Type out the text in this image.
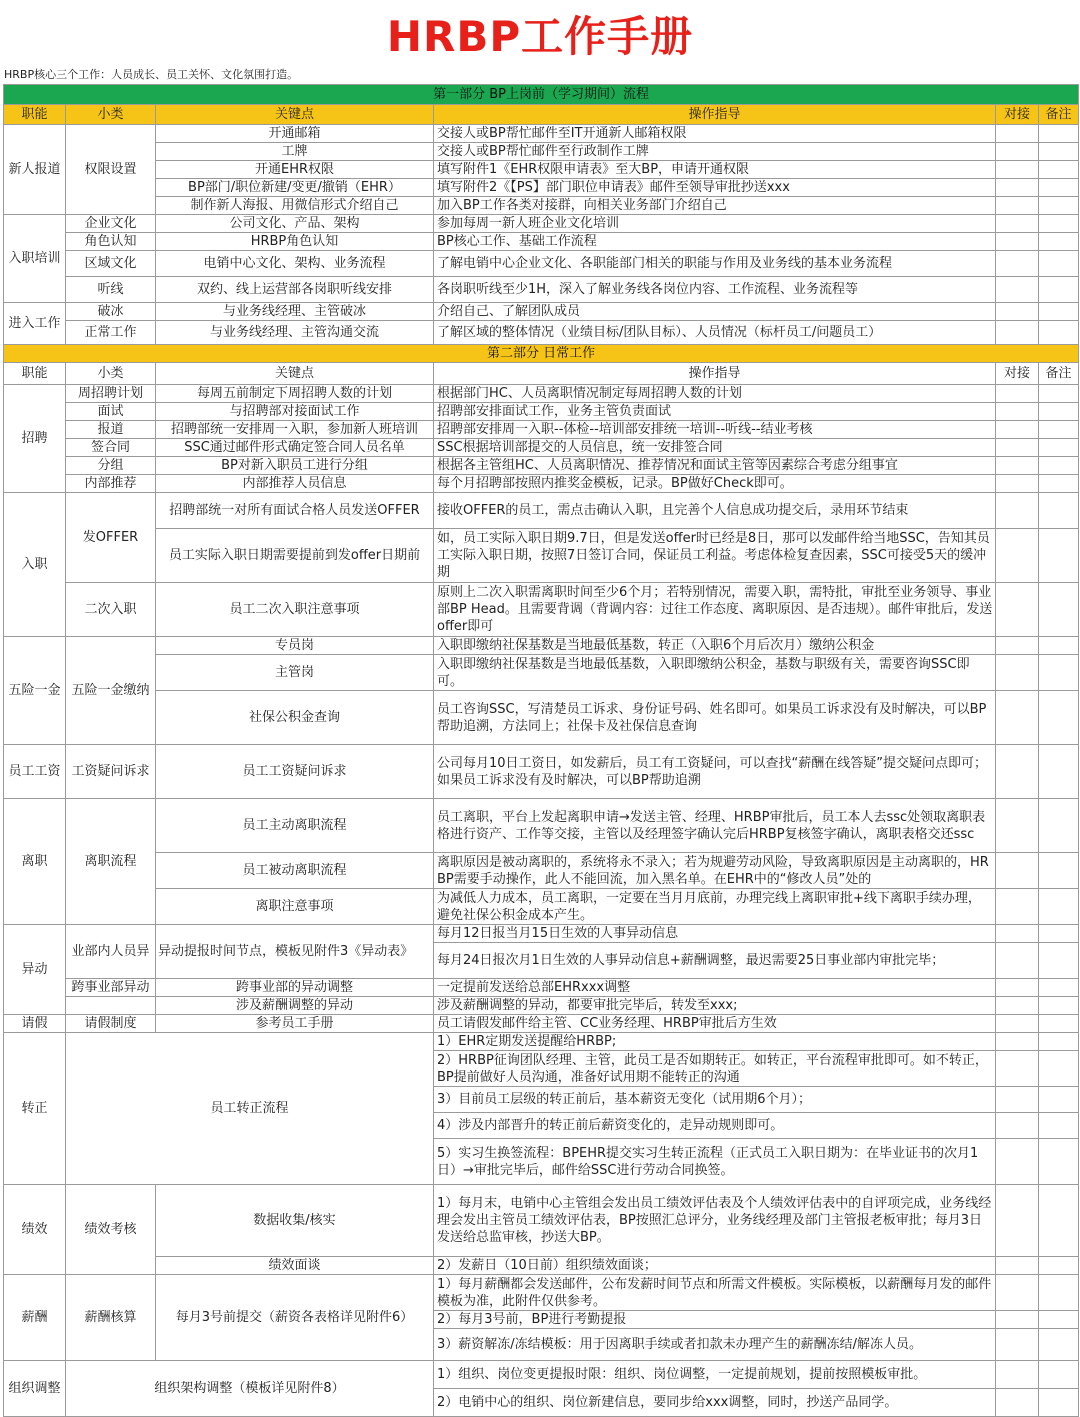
HRBP工作手册
HRBP核心三个工作：人员成长、员工关怀、文化氛围打造。
第一部分 BP上岗前（学习期间）流程					
职能	小类	关键点	操作指导	对接	备注
新人报道	权限设置	开通邮箱	交接人或BP帮忙邮件至IT开通新人邮箱权限		
		工牌	交接人或BP帮忙邮件至行政制作工牌		
		开通EHR权限	填写附件1《EHR权限申请表》至大BP，申请开通权限		
		BP部门/职位新建/变更/撤销（EHR）	填写附件2《【PS】部门职位申请表》邮件至领导审批抄送xxx		
		制作新人海报、用微信形式介绍自己	加入BP工作各类对接群，向相关业务部门介绍自己		
入职培训	企业文化	公司文化、产品、架构	参加每周一新人班企业文化培训		
	角色认知	HRBP角色认知	BP核心工作、基础工作流程		
	区域文化	电销中心文化、架构、业务流程	了解电销中心企业文化、各职能部门相关的职能与作用及业务线的基本业务流程		
	听线	双约、线上运营部各岗职听线安排	各岗职听线至少1H，深入了解业务线各岗位内容、工作流程、业务流程等		
进入工作	破冰	与业务线经理、主管破冰	介绍自己、了解团队成员		
	正常工作	与业务线经理、主管沟通交流	了解区域的整体情况（业绩目标/团队目标）、人员情况（标杆员工/问题员工）		
第二部分 日常工作					
职能	小类	关键点	操作指导	对接	备注
招聘	周招聘计划	每周五前制定下周招聘人数的计划	根据部门HC、人员离职情况制定每周招聘人数的计划		
	面试	与招聘部对接面试工作	招聘部安排面试工作，业务主管负责面试		
	报道	招聘部统一安排周一入职，参加新人班培训	招聘部安排周一入职--体检--培训部安排统一培训--听线--结业考核		
	签合同	SSC通过邮件形式确定签合同人员名单	SSC根据培训部提交的人员信息，统一安排签合同		
	分组	BP对新入职员工进行分组	根据各主管组HC、人员离职情况、推荐情况和面试主管等因素综合考虑分组事宜		
	内部推荐	内部推荐人员信息	每个月招聘部按照内推奖金模板，记录。BP做好Check即可。		
入职	发OFFER	招聘部统一对所有面试合格人员发送OFFER	接收OFFER的员工，需点击确认入职，且完善个人信息成功提交后，录用环节结束		
		员工实际入职日期需要提前到发offer日期前	如，员工实际入职日期9.7日，但是发送offer时已经是8日，那可以发邮件给当地SSC，告知其员工实际入职日期，按照7日签订合同，保证员工利益。考虑体检复查因素，SSC可接受5天的缓冲期		
	二次入职	员工二次入职注意事项	原则上二次入职需离职时间至少6个月；若特别情况，需要入职，需特批，审批至业务领导、事业部BP Head。且需要背调（背调内容：过往工作态度、离职原因、是否违规）。邮件审批后，发送offer即可		
五险一金	五险一金缴纳	专员岗	入职即缴纳社保基数是当地最低基数，转正（入职6个月后次月）缴纳公积金		
		主管岗	入职即缴纳社保基数是当地最低基数，入职即缴纳公积金，基数与职级有关，需要咨询SSC即可。		
		社保公积金查询	员工咨询SSC，写清楚员工诉求、身份证号码、姓名即可。如果员工诉求没有及时解决，可以BP帮助追溯，方法同上；社保卡及社保信息查询		
员工工资	工资疑问诉求	员工工资疑问诉求	公司每月10日工资日，如发薪后，员工有工资疑问，可以查找“薪酬在线答疑”提交疑问点即可；如果员工诉求没有及时解决，可以BP帮助追溯		
离职	离职流程	员工主动离职流程	员工离职，平台上发起离职申请→发送主管、经理、HRBP审批后，员工本人去ssc处领取离职表格进行资产、工作等交接，主管以及经理签字确认完后HRBP复核签字确认，离职表格交还ssc		
		员工被动离职流程	离职原因是被动离职的，系统将永不录入；若为规避劳动风险，导致离职原因是主动离职的，HRBP需要手动操作，此人不能回流，加入黑名单。在EHR中的“修改人员”处的		
		离职注意事项	为减低人力成本，员工离职，一定要在当月月底前，办理完线上离职审批+线下离职手续办理，避免社保公积金成本产生。		
异动	业部内人员异	异动提报时间节点，模板见附件3《异动表》	每月12日报当月15日生效的人事异动信息		
			每月24日报次月1日生效的人事异动信息+薪酬调整，最迟需要25日事业部内审批完毕；		
	跨事业部异动	跨事业部的异动调整	一定提前发送给总部EHRxxx调整		
		涉及薪酬调整的异动	涉及薪酬调整的异动，都要审批完毕后，转发至xxx;		
请假	请假制度	参考员工手册	员工请假发邮件给主管、CC业务经理、HRBP审批后方生效		
转正	员工转正流程		1）EHR定期发送提醒给HRBP;		
			2）HRBP征询团队经理、主管，此员工是否如期转正。如转正，平台流程审批即可。如不转正，BP提前做好人员沟通，准备好试用期不能转正的沟通		
			3）目前员工层级的转正前后，基本薪资无变化（试用期6个月）；		
			4）涉及内部晋升的转正前后薪资变化的，走异动规则即可。		
			5）实习生换签流程：BPEHR提交实习生转正流程（正式员工入职日期为：在毕业证书的次月1日）→审批完毕后，邮件给SSC进行劳动合同换签。		
绩效	绩效考核	数据收集/核实	1）每月末，电销中心主管组会发出员工绩效评估表及个人绩效评估表中的自评项完成，业务线经理会发出主管员工绩效评估表，BP按照汇总评分，业务线经理及部门主管报老板审批；每月3日发送给总监审核，抄送大BP。		
		绩效面谈	2）发薪日（10日前）组织绩效面谈；		
薪酬	薪酬核算	每月3号前提交（薪资各表格详见附件6）	1）每月薪酬都会发送邮件，公布发薪时间节点和所需文件模板。实际模板，以薪酬每月发的邮件模板为准，此附件仅供参考。		
			2）每月3号前，BP进行考勤提报		
			3）薪资解冻/冻结模板：用于因离职手续或者扣款未办理产生的薪酬冻结/解冻人员。		
组织调整	组织架构调整（模板详见附件8）		1）组织、岗位变更提报时限：组织、岗位调整，一定提前规划，提前按照模板审批。		
			2）电销中心的组织、岗位新建信息，要同步给xxx调整，同时，抄送产品同学。		
